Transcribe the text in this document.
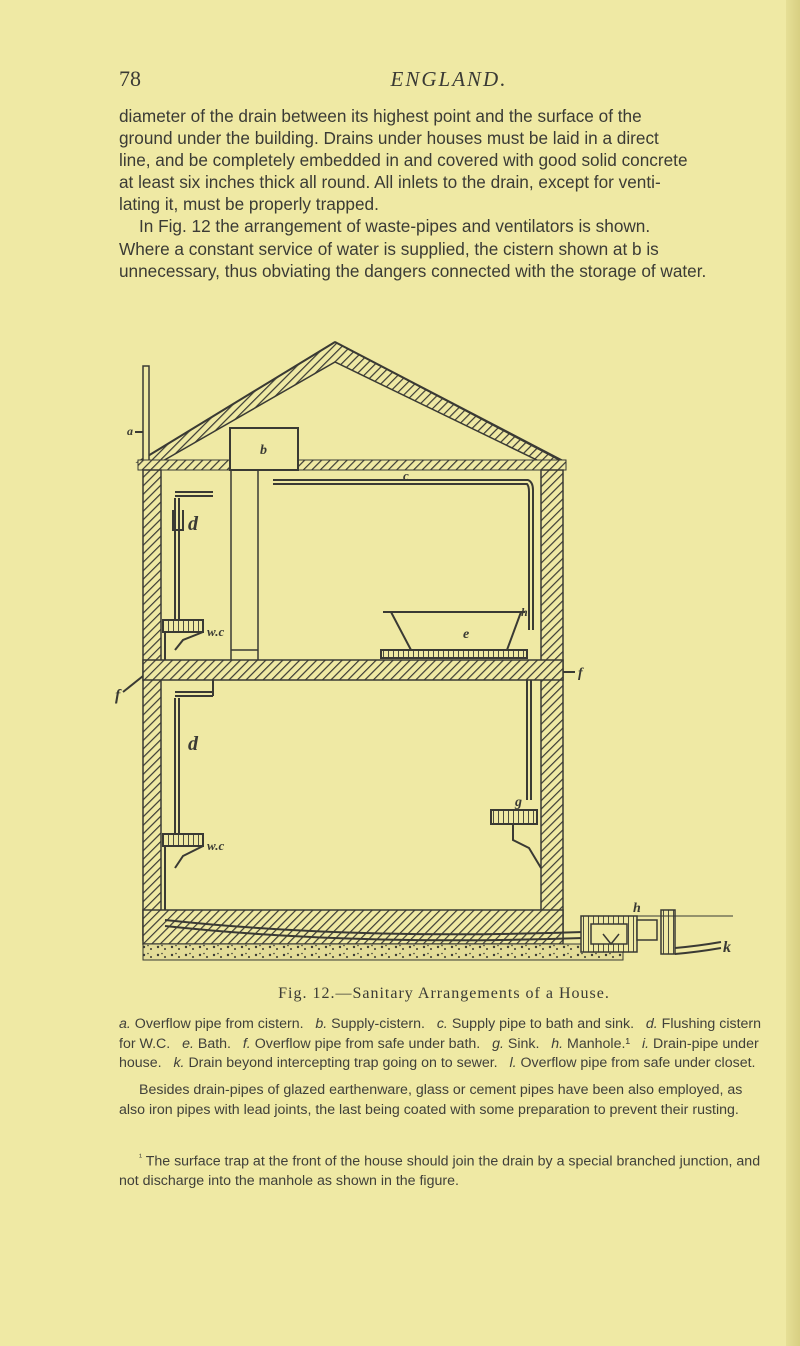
78	ENGLAND.

diameter of the drain between its highest point and the surface of the

ground under the building. Drains under houses must be laid in a direct

line, and be completely embedded in and covered with good solid concrete

at least six inches thick all round. All inlets to the drain, except for venti-

lating it, must be properly trapped.

In Fig. 12 the arrangement of waste-pipes and ventilators is shown.

Where a constant service of water is supplied, the cistern shown at b is

unnecessary, thus obviating the dangers connected with the storage of water.

b
c
d
w.c	e
h
a
f
f
d
w.c
g
h
k
Fig. 12.—Sanitary Arrangements of a House.
a. Overflow pipe from cistern. b. Supply-cistern. c. Supply pipe to bath and sink. d. Flushing cistern for W.C. e. Bath. f. Overflow pipe from safe under bath. g. Sink. h. Manhole.¹ i. Drain-pipe under house. k. Drain beyond intercepting trap going on to sewer. l. Overflow pipe from safe under closet.
Besides drain-pipes of glazed earthenware, glass or cement pipes have been also employed, as also iron pipes with lead joints, the last being coated with some preparation to prevent their rusting.
$^{^1}$ The surface trap at the front of the house should join the drain by a special branched junction, and not discharge into the manhole as shown in the figure.
